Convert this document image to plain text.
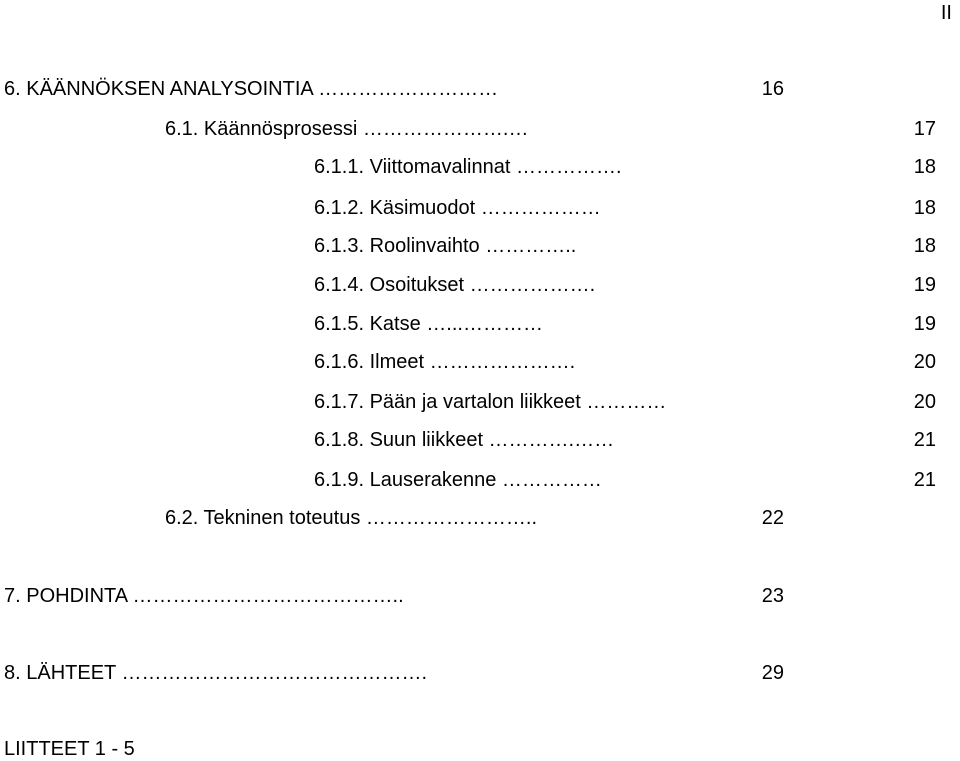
II
6. KÄÄNNÖKSEN ANALYSOINTIA ………………………	16
6.1. Käännösprosessi ………………….…	17
6.1.1. Viittomavalinnat …………….	18
6.1.2. Käsimuodot ………………	18
6.1.3. Roolinvaihto …………..	18
6.1.4. Osoitukset ……………….	19
6.1.5. Katse …...…………	19
6.1.6. Ilmeet ………………….	20
6.1.7. Pään ja vartalon liikkeet …………	20
6.1.8. Suun liikkeet ………….……	21
6.1.9. Lauserakenne ……………	21
6.2. Tekninen toteutus ……………………..	22
7. POHDINTA …………………………………..	23
8. LÄHTEET ……………………………………….	29
LIITTEET 1 - 5
